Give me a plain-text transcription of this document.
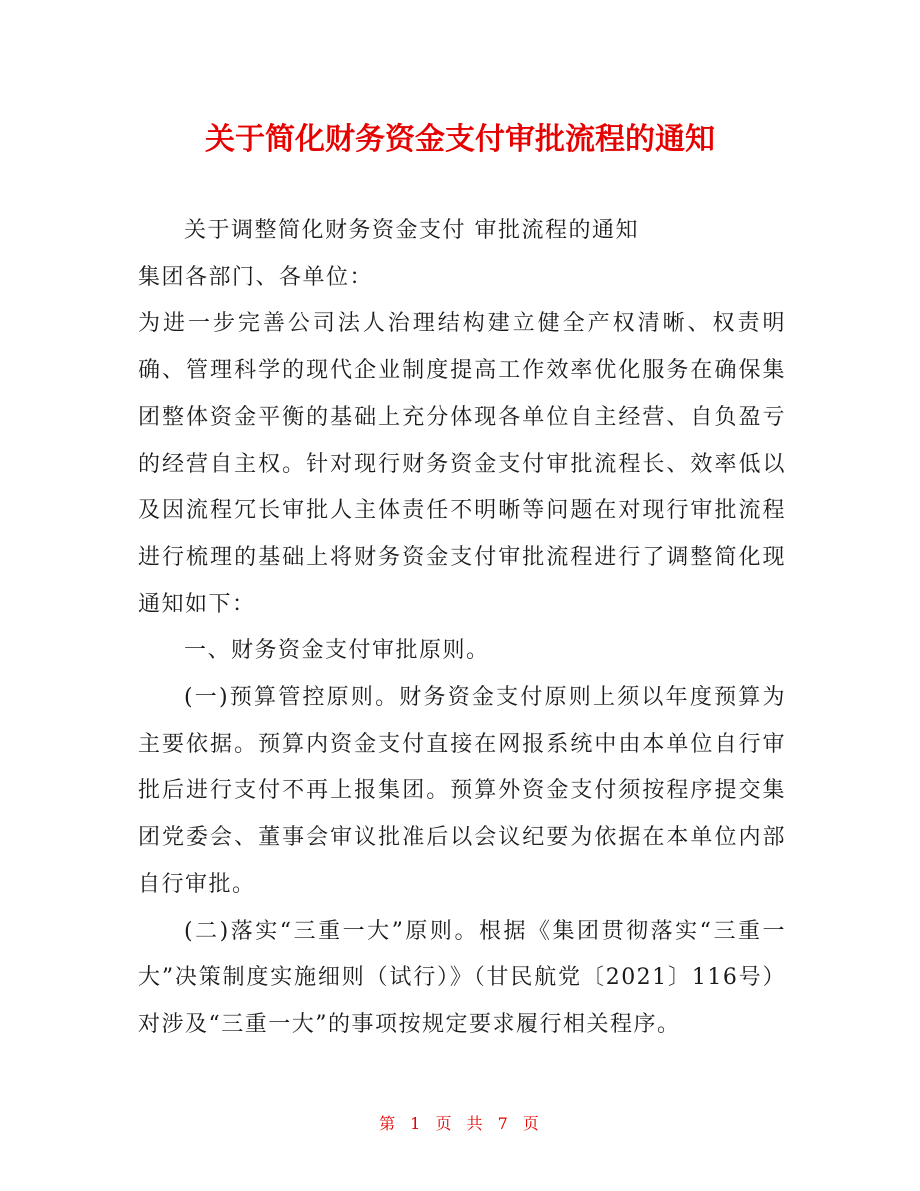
关于简化财务资金支付审批流程的通知

关于调整简化财务资金支付 审批流程的通知

集团各部门、各单位：

为进一步完善公司法人治理结构建立健全产权清晰、权责明确、管理科学的现代企业制度提高工作效率优化服务在确保集团整体资金平衡的基础上充分体现各单位自主经营、自负盈亏的经营自主权。针对现行财务资金支付审批流程长、效率低以及因流程冗长审批人主体责任不明晰等问题在对现行审批流程进行梳理的基础上将财务资金支付审批流程进行了调整简化现通知如下：

一、财务资金支付审批原则。

(一)预算管控原则。财务资金支付原则上须以年度预算为主要依据。预算内资金支付直接在网报系统中由本单位自行审批后进行支付不再上报集团。预算外资金支付须按程序提交集团党委会、董事会审议批准后以会议纪要为依据在本单位内部自行审批。

(二)落实“三重一大”原则。根据《集团贯彻落实“三重一大”决策制度实施细则（试行）》（甘民航党〔2021〕116号）对涉及“三重一大”的事项按规定要求履行相关程序。

第 1 页 共 7 页
